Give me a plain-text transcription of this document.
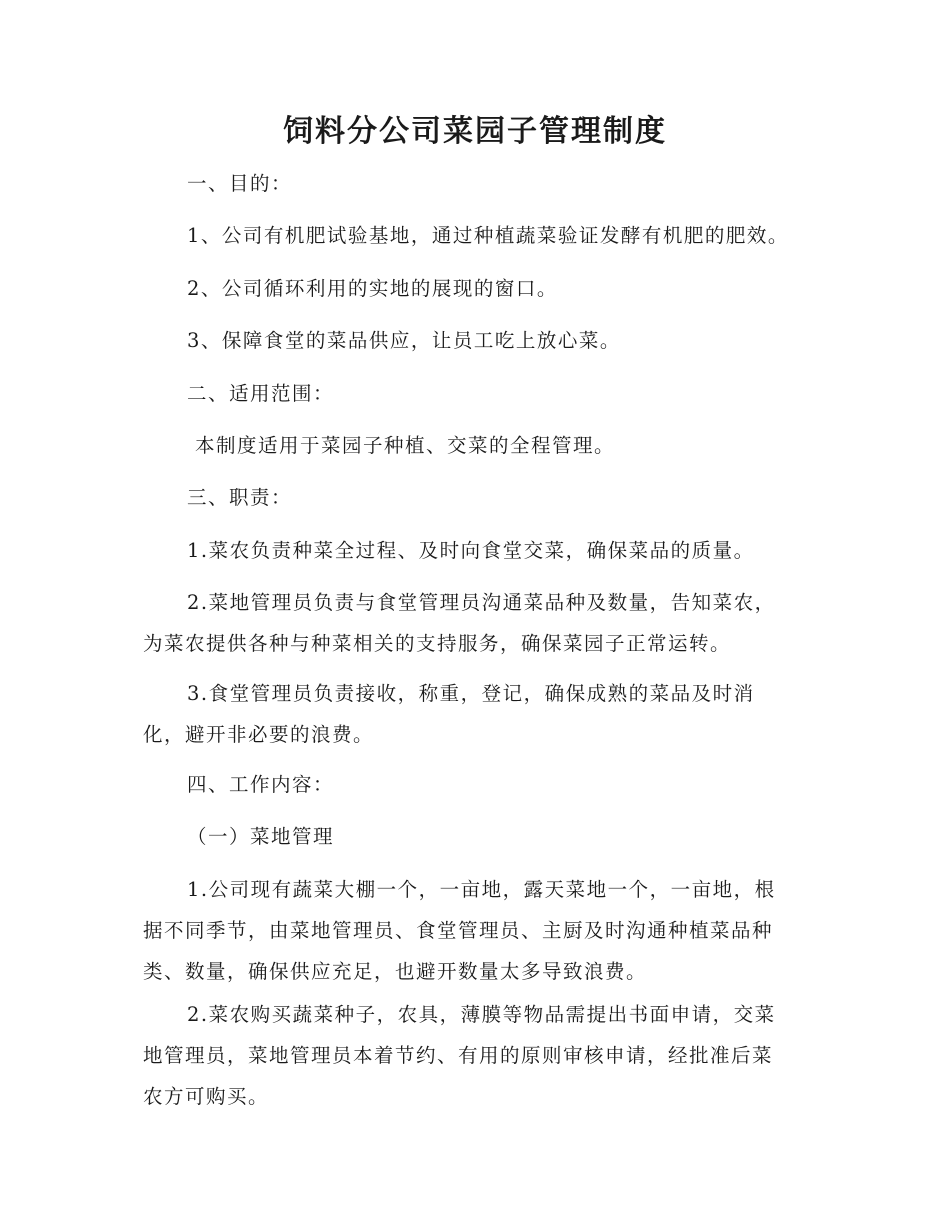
饲料分公司菜园子管理制度
一、目的：
1、公司有机肥试验基地，通过种植蔬菜验证发酵有机肥的肥效。
2、公司循环利用的实地的展现的窗口。
3、保障食堂的菜品供应，让员工吃上放心菜。
二、适用范围：
本制度适用于菜园子种植、交菜的全程管理。
三、职责：
1.菜农负责种菜全过程、及时向食堂交菜，确保菜品的质量。
2.菜地管理员负责与食堂管理员沟通菜品种及数量，告知菜农，
为菜农提供各种与种菜相关的支持服务，确保菜园子正常运转。
3.食堂管理员负责接收，称重，登记，确保成熟的菜品及时消
化，避开非必要的浪费。
四、工作内容：
（一）菜地管理
1.公司现有蔬菜大棚一个，一亩地，露天菜地一个，一亩地，根
据不同季节，由菜地管理员、食堂管理员、主厨及时沟通种植菜品种
类、数量，确保供应充足，也避开数量太多导致浪费。
2.菜农购买蔬菜种子，农具，薄膜等物品需提出书面申请，交菜
地管理员，菜地管理员本着节约、有用的原则审核申请，经批准后菜
农方可购买。
